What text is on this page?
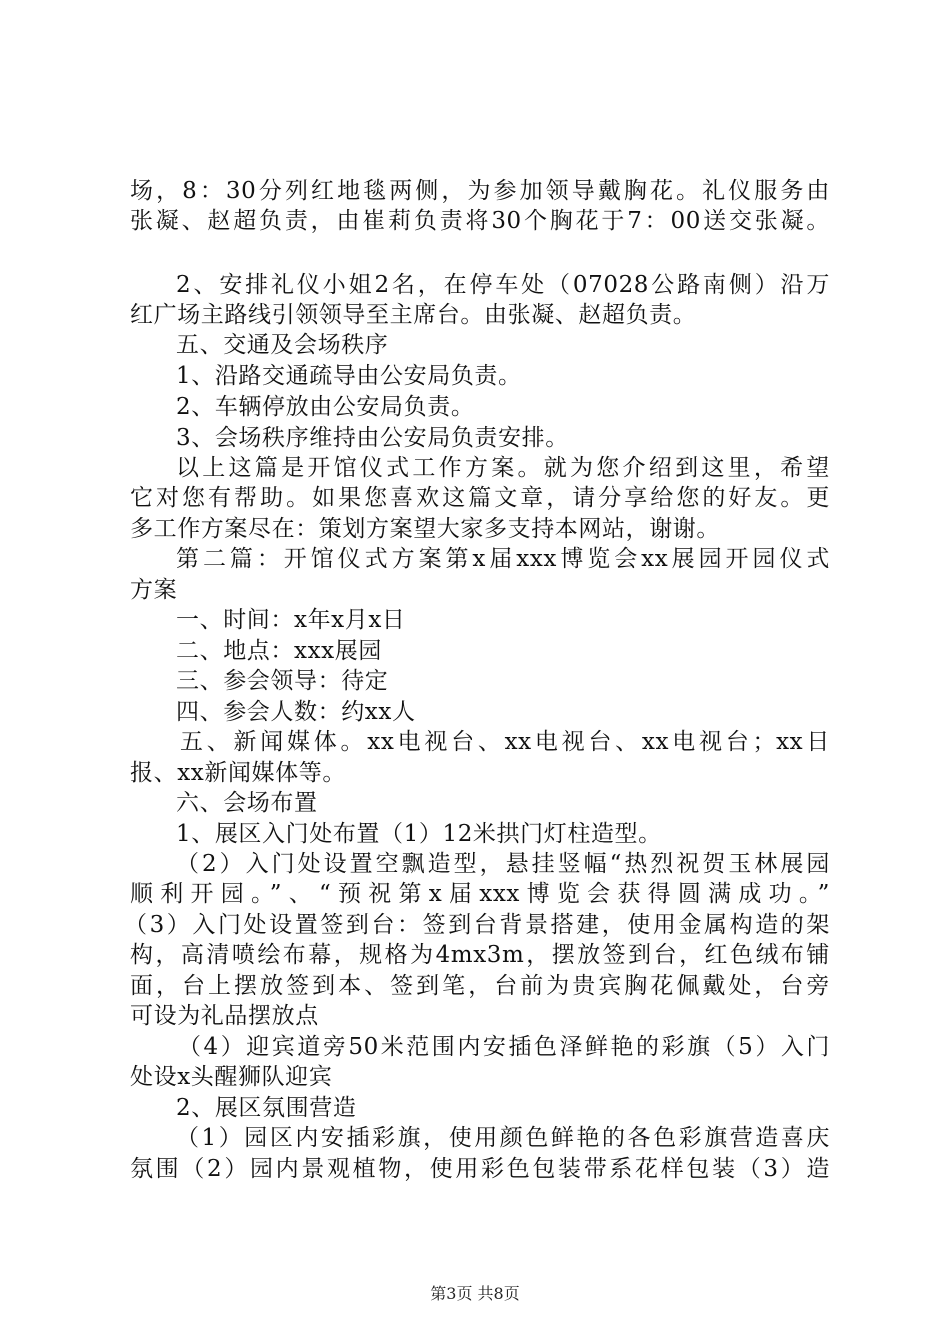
场，8：30分列红地毯两侧，为参加领导戴胸花。礼仪服务由
张凝、赵超负责，由崔莉负责将30个胸花于7：00送交张凝。
2、安排礼仪小姐2名，在停车处（07028公路南侧）沿万
红广场主路线引领领导至主席台。由张凝、赵超负责。
五、交通及会场秩序
1、沿路交通疏导由公安局负责。
2、车辆停放由公安局负责。
3、会场秩序维持由公安局负责安排。
以上这篇是开馆仪式工作方案。就为您介绍到这里，希望
它对您有帮助。如果您喜欢这篇文章，请分享给您的好友。更
多工作方案尽在：策划方案望大家多支持本网站，谢谢。
第二篇：开馆仪式方案第x届xxx博览会xx展园开园仪式
方案
一、时间：x年x月x日
二、地点：xxx展园
三、参会领导：待定
四、参会人数：约xx人
五、新闻媒体。xx电视台、xx电视台、xx电视台；xx日
报、xx新闻媒体等。
六、会场布置
1、展区入门处布置（1）12米拱门灯柱造型。
（2）入门处设置空飘造型，悬挂竖幅“热烈祝贺玉林展园
顺利开园。”、“预祝第x届xxx博览会获得圆满成功。”
（3）入门处设置签到台：签到台背景搭建，使用金属构造的架
构，高清喷绘布幕，规格为4mx3m，摆放签到台，红色绒布铺
面，台上摆放签到本、签到笔，台前为贵宾胸花佩戴处，台旁
可设为礼品摆放点
（4）迎宾道旁50米范围内安插色泽鲜艳的彩旗（5）入门
处设x头醒狮队迎宾
2、展区氛围营造
（1）园区内安插彩旗，使用颜色鲜艳的各色彩旗营造喜庆
氛围（2）园内景观植物，使用彩色包装带系花样包装（3）造
第3页 共8页
